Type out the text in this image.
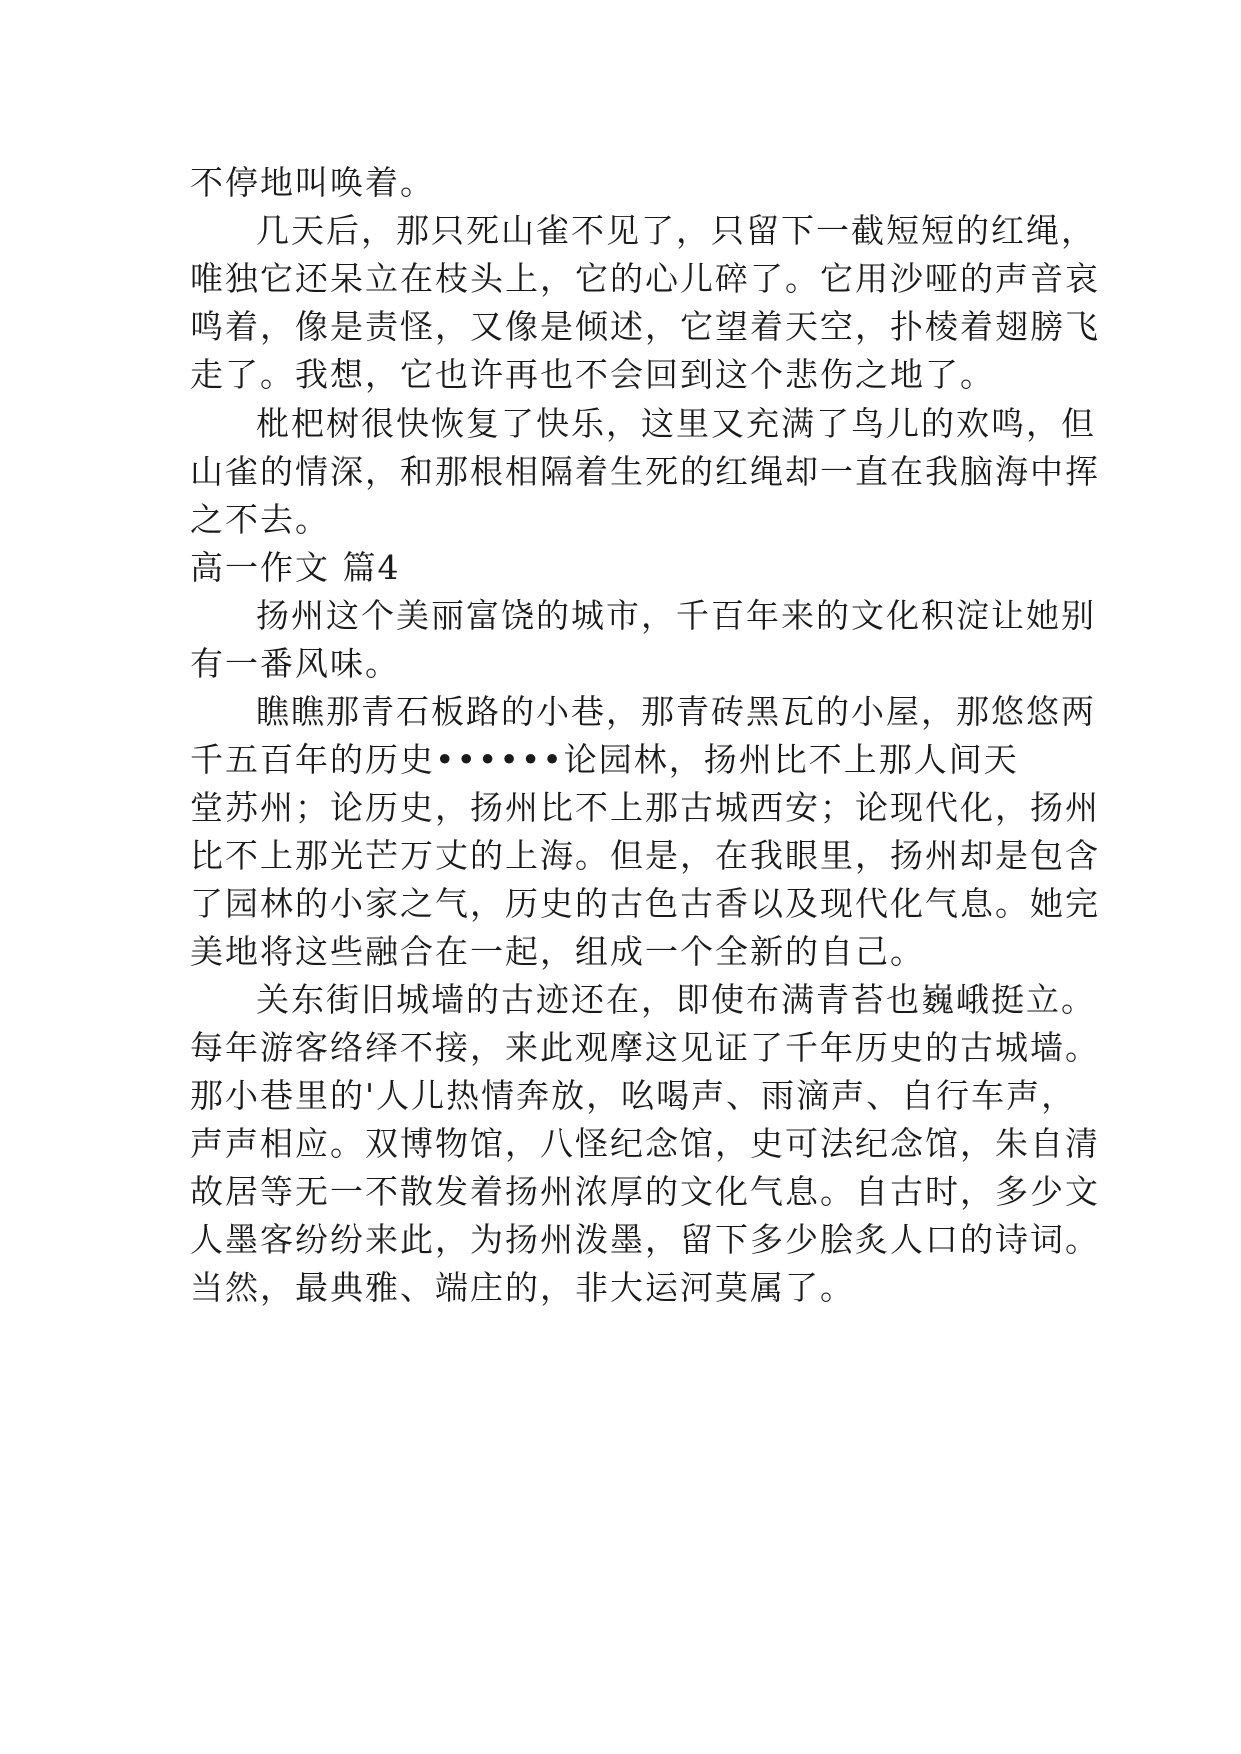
不停地叫唤着。
几天后，那只死山雀不见了，只留下一截短短的红绳，
唯独它还呆立在枝头上，它的心儿碎了。它用沙哑的声音哀
鸣着，像是责怪，又像是倾述，它望着天空，扑棱着翅膀飞
走了。我想，它也许再也不会回到这个悲伤之地了。
枇杷树很快恢复了快乐，这里又充满了鸟儿的欢鸣，但
山雀的情深，和那根相隔着生死的红绳却一直在我脑海中挥
之不去。
高一作文 篇4
扬州这个美丽富饶的城市，千百年来的文化积淀让她别
有一番风味。
瞧瞧那青石板路的小巷，那青砖黑瓦的小屋，那悠悠两
千五百年的历史••••••论园林，扬州比不上那人间天
堂苏州；论历史，扬州比不上那古城西安；论现代化，扬州
比不上那光芒万丈的上海。但是，在我眼里，扬州却是包含
了园林的小家之气，历史的古色古香以及现代化气息。她完
美地将这些融合在一起，组成一个全新的自己。
关东街旧城墙的古迹还在，即使布满青苔也巍峨挺立。
每年游客络绎不接，来此观摩这见证了千年历史的古城墙。
那小巷里的'人儿热情奔放，吆喝声、雨滴声、自行车声，
声声相应。双博物馆，八怪纪念馆，史可法纪念馆，朱自清
故居等无一不散发着扬州浓厚的文化气息。自古时，多少文
人墨客纷纷来此，为扬州泼墨，留下多少脍炙人口的诗词。
当然，最典雅、端庄的，非大运河莫属了。
